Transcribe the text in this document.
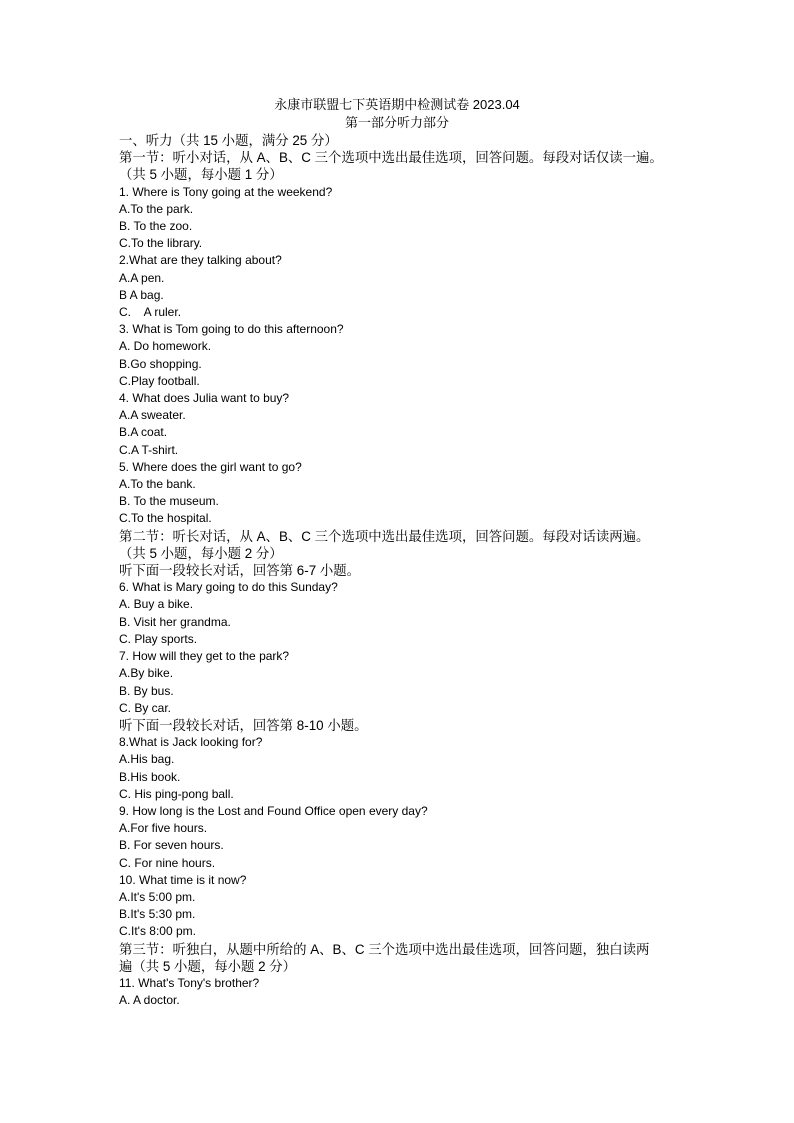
永康市联盟七下英语期中检测试卷 2023.04

第一部分听力部分

一、听力（共 15 小题，满分 25 分）

第一节：听小对话，从 A、B、C 三个选项中选出最佳选项，回答问题。每段对话仅读一遍。

（共 5 小题，每小题 1 分）

1. Where is Tony going at the weekend?

A.To the park.

B. To the zoo.

C.To the library.

2.What are they talking about?

A.A pen.

B A bag.

C.    A ruler.

3. What is Tom going to do this afternoon?

A. Do homework.

B.Go shopping.

C.Play football.

4. What does Julia want to buy?

A.A sweater.

B.A coat.

C.A T-shirt.

5. Where does the girl want to go?

A.To the bank.

B. To the museum.

C.To the hospital.

第二节：听长对话，从 A、B、C 三个选项中选出最佳选项，回答问题。每段对话读两遍。

（共 5 小题，每小题 2 分）

听下面一段较长对话，回答第 6-7 小题。

6. What is Mary going to do this Sunday?

A. Buy a bike.

B. Visit her grandma.

C. Play sports.

7. How will they get to the park?

A.By bike.

B. By bus.

C. By car.

听下面一段较长对话，回答第 8-10 小题。

8.What is Jack looking for?

A.His bag.

B.His book.

C. His ping-pong ball.

9. How long is the Lost and Found Office open every day?

A.For five hours.

B. For seven hours.

C. For nine hours.

10. What time is it now?

A.It's 5:00 pm.

B.It's 5:30 pm.

C.It's 8:00 pm.

第三节：听独白，从题中所给的 A、B、C 三个选项中选出最佳选项，回答问题，独白读两

遍（共 5 小题，每小题 2 分）

11. What's Tony's brother?

A. A doctor.
